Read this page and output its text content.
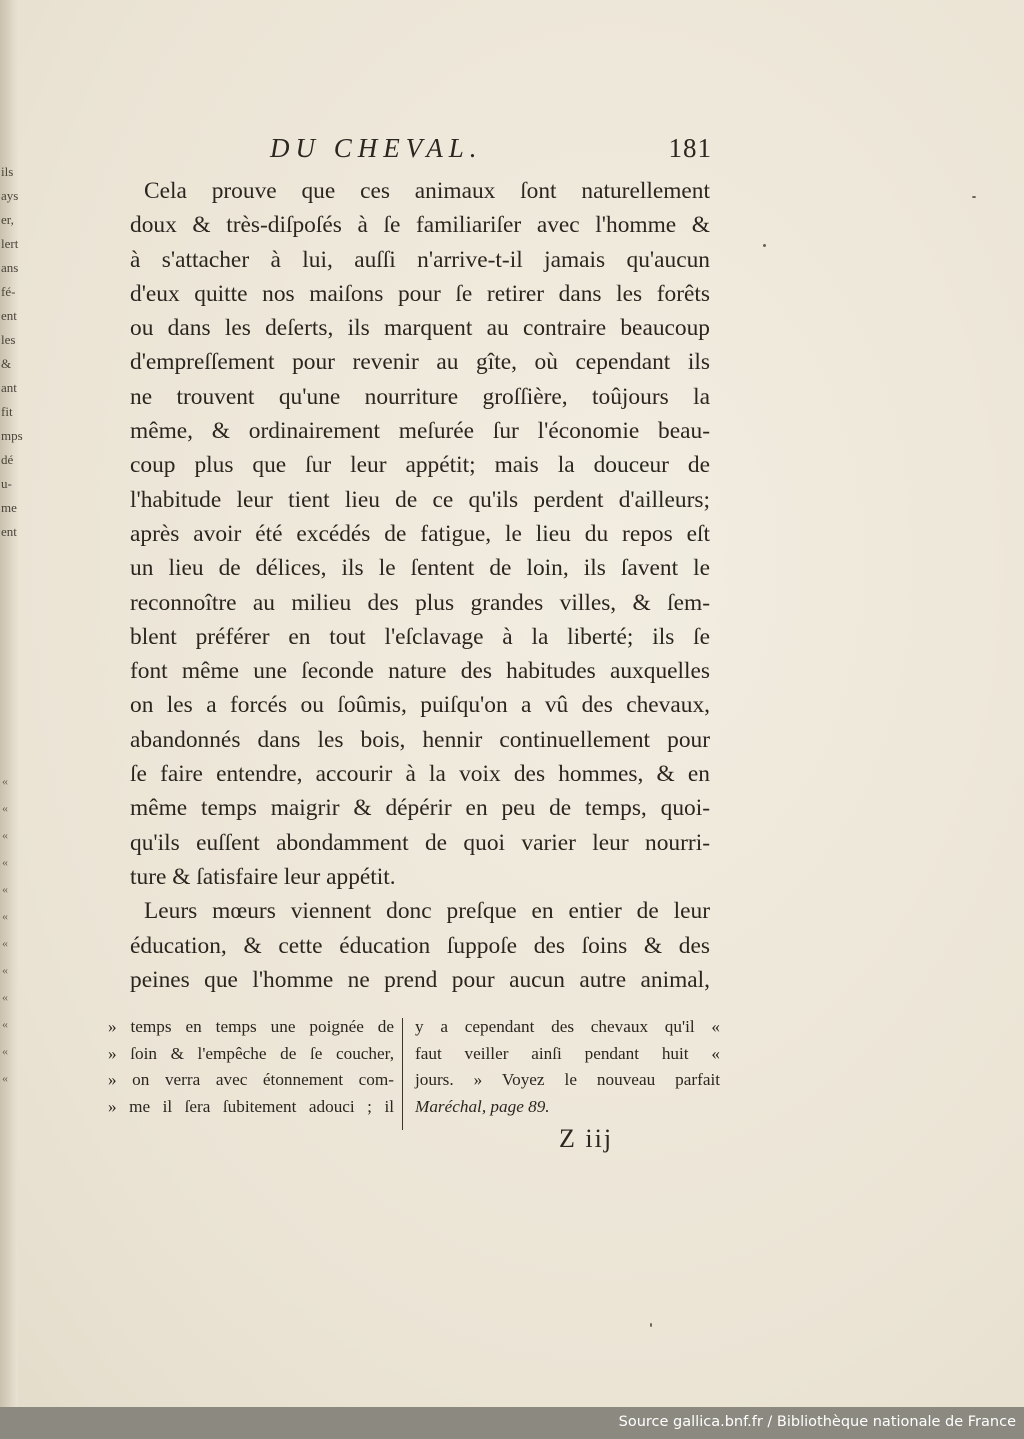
ils
ays
er,
lert
ans
fé-
ent
les
&
ant
fit
mps
dé
u-
me
ent
«
«
«
«
«
«
«
«
«
«
«
«
DU CHEVAL.	181
Cela prouve que ces animaux ſont naturellement
doux & très-diſpoſés à ſe familiariſer avec l'homme &
à s'attacher à lui, auſſi n'arrive-t-il jamais qu'aucun
d'eux quitte nos maiſons pour ſe retirer dans les forêts
ou dans les deſerts, ils marquent au contraire beaucoup
d'empreſſement pour revenir au gîte, où cependant ils
ne trouvent qu'une nourriture groſſière, toûjours la
même, & ordinairement meſurée ſur l'économie beau-
coup plus que ſur leur appétit; mais la douceur de
l'habitude leur tient lieu de ce qu'ils perdent d'ailleurs;
après avoir été excédés de fatigue, le lieu du repos eſt
un lieu de délices, ils le ſentent de loin, ils ſavent le
reconnoître au milieu des plus grandes villes, & ſem-
blent préférer en tout l'eſclavage à la liberté; ils ſe
font même une ſeconde nature des habitudes auxquelles
on les a forcés ou ſoûmis, puiſqu'on a vû des chevaux,
abandonnés dans les bois, hennir continuellement pour
ſe faire entendre, accourir à la voix des hommes, & en
même temps maigrir & dépérir en peu de temps, quoi-
qu'ils euſſent abondamment de quoi varier leur nourri-
ture & ſatisfaire leur appétit.
Leurs mœurs viennent donc preſque en entier de leur
éducation, & cette éducation ſuppoſe des ſoins & des
peines que l'homme ne prend pour aucun autre animal,
» temps en temps une poignée de
» ſoin & l'empêche de ſe coucher,
» on verra avec étonnement com-
» me il ſera ſubitement adouci ; il
y a cependant des chevaux qu'il «
faut veiller ainſi pendant huit «
jours. » Voyez le nouveau parfait
Maréchal, page 89.
Z iij
Source gallica.bnf.fr / Bibliothèque nationale de France
